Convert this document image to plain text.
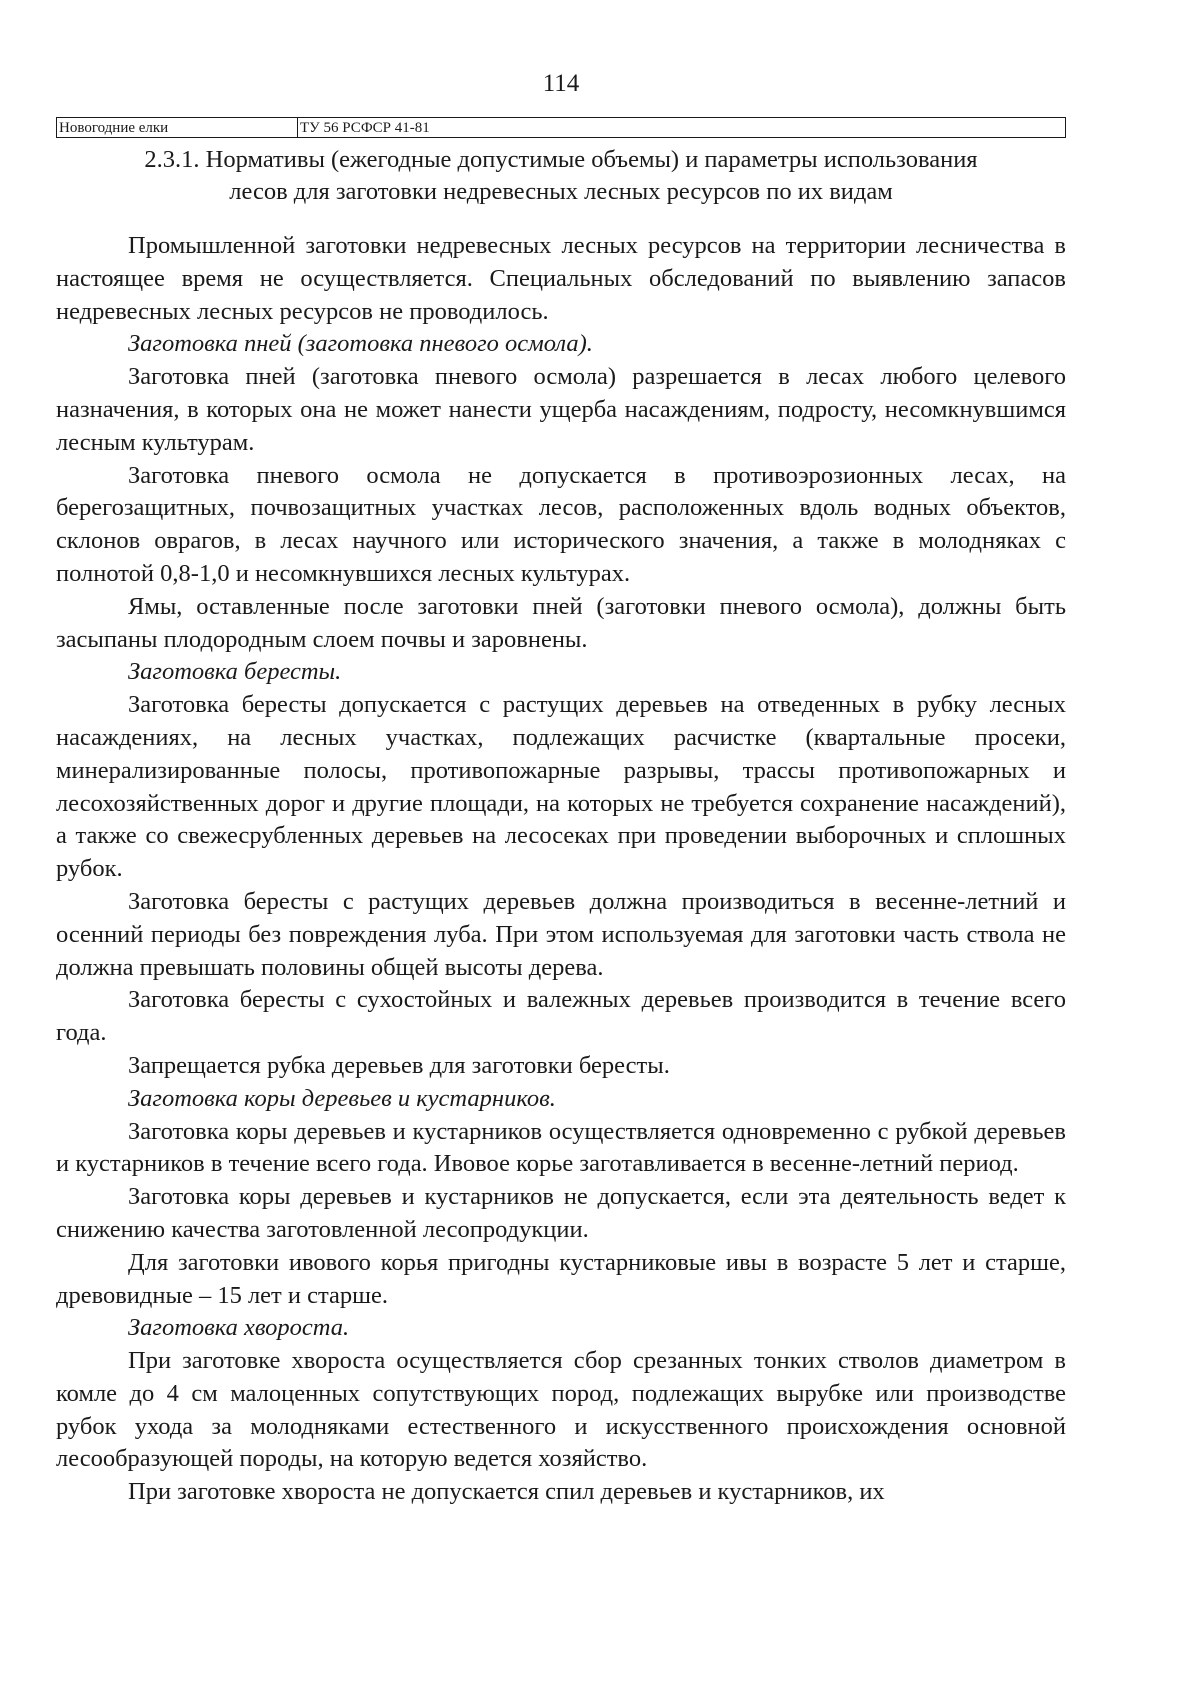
114
Новогодние елки	ТУ 56 РСФСР 41-81
2.3.1. Нормативы (ежегодные допустимые объемы) и параметры использования
лесов для заготовки недревесных лесных ресурсов по их видам

Промышленной заготовки недревесных лесных ресурсов на территории лесничества в настоящее время не осуществляется. Специальных обследований по выявлению запасов недревесных лесных ресурсов не проводилось.

Заготовка пней (заготовка пневого осмола).

Заготовка пней (заготовка пневого осмола) разрешается в лесах любого целевого назначения, в которых она не может нанести ущерба насаждениям, подросту, несомкнувшимся лесным культурам.

Заготовка пневого осмола не допускается в противоэрозионных лесах, на берегозащитных, почвозащитных участках лесов, расположенных вдоль водных объектов, склонов оврагов, в лесах научного или исторического значения, а также в молодняках с полнотой 0,8-1,0 и несомкнувшихся лесных культурах.

Ямы, оставленные после заготовки пней (заготовки пневого осмола), должны быть засыпаны плодородным слоем почвы и заровнены.

Заготовка бересты.

Заготовка бересты допускается с растущих деревьев на отведенных в рубку лесных насаждениях, на лесных участках, подлежащих расчистке (квартальные просеки, минерализированные полосы, противопожарные разрывы, трассы противопожарных и лесохозяйственных дорог и другие площади, на которых не требуется сохранение насаждений), а также со свежесрубленных деревьев на лесосеках при проведении выборочных и сплошных рубок.

Заготовка бересты с растущих деревьев должна производиться в весенне-летний и осенний периоды без повреждения луба. При этом используемая для заготовки часть ствола не должна превышать половины общей высоты дерева.

Заготовка бересты с сухостойных и валежных деревьев производится в течение всего года.

Запрещается рубка деревьев для заготовки бересты.

Заготовка коры деревьев и кустарников.

Заготовка коры деревьев и кустарников осуществляется одновременно с рубкой деревьев и кустарников в течение всего года. Ивовое корье заготавливается в весенне-летний период.

Заготовка коры деревьев и кустарников не допускается, если эта деятельность ведет к снижению качества заготовленной лесопродукции.

Для заготовки ивового корья пригодны кустарниковые ивы в возрасте 5 лет и старше, древовидные – 15 лет и старше.

Заготовка хвороста.

При заготовке хвороста осуществляется сбор срезанных тонких стволов диаметром в комле до 4 см малоценных сопутствующих пород, подлежащих вырубке или производстве рубок ухода за молодняками естественного и искусственного происхождения основной лесообразующей породы, на которую ведется хозяйство.

При заготовке хвороста не допускается спил деревьев и кустарников, их
